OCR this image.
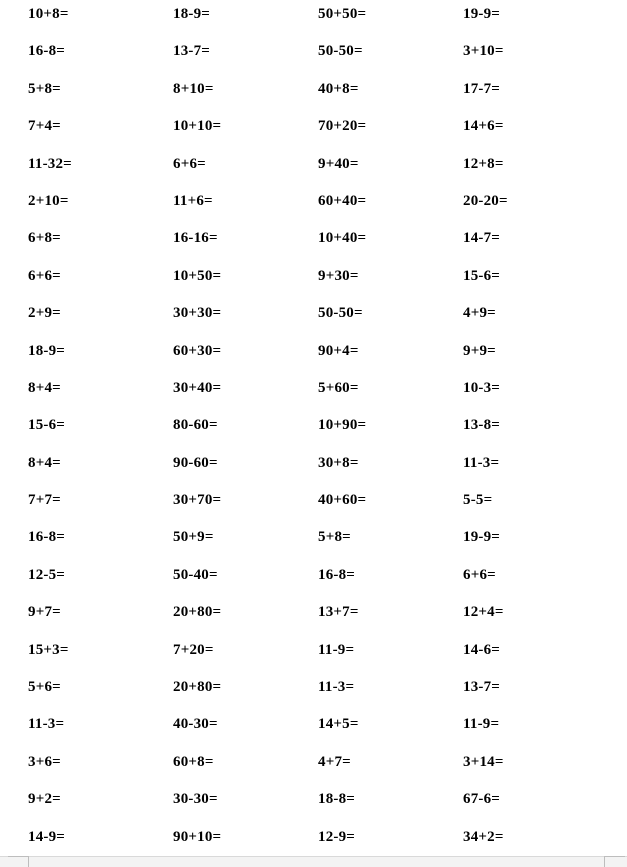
10+8=	18-9=	50+50=	19-9=
16-8=	13-7=	50-50=	3+10=
5+8=	8+10=	40+8=	17-7=
7+4=	10+10=	70+20=	14+6=
11-32=	6+6=	9+40=	12+8=
2+10=	11+6=	60+40=	20-20=
6+8=	16-16=	10+40=	14-7=
6+6=	10+50=	9+30=	15-6=
2+9=	30+30=	50-50=	4+9=
18-9=	60+30=	90+4=	9+9=
8+4=	30+40=	5+60=	10-3=
15-6=	80-60=	10+90=	13-8=
8+4=	90-60=	30+8=	11-3=
7+7=	30+70=	40+60=	5-5=
16-8=	50+9=	5+8=	19-9=
12-5=	50-40=	16-8=	6+6=
9+7=	20+80=	13+7=	12+4=
15+3=	7+20=	11-9=	14-6=
5+6=	20+80=	11-3=	13-7=
11-3=	40-30=	14+5=	11-9=
3+6=	60+8=	4+7=	3+14=
9+2=	30-30=	18-8=	67-6=
14-9=	90+10=	12-9=	34+2=
